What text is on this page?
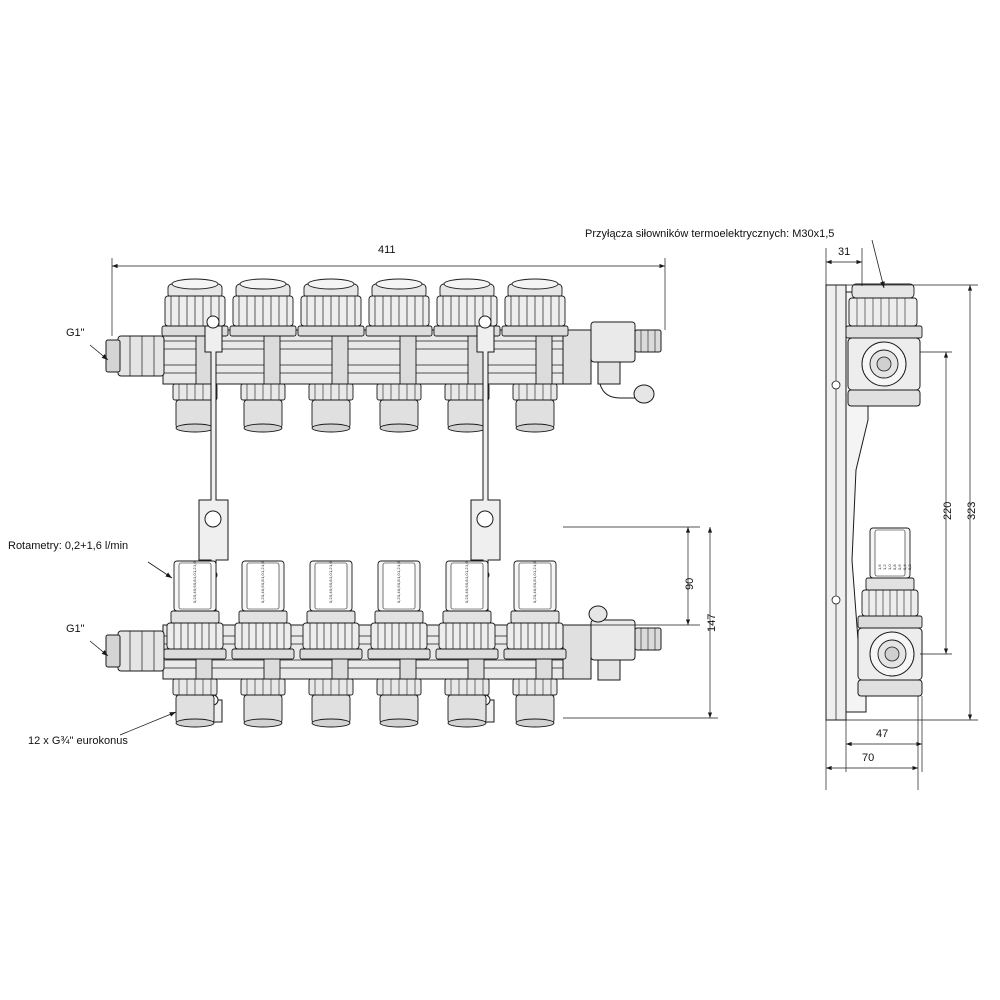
Przyłącza siłowników termoelektrycznych: M30x1,5
Rotametry: 0,2+1,6 l/min
G1"
G1"
12 x G¾" eurokonus
411
90
147
31
220 323
47
70
1,6
1,2
1,0
0,8
0,6
0,4
0,2
1,6
1,2
1,0
0,8
0,6
0,4
0,2
1,6
1,2
1,0
0,8
0,6
0,4
0,2
1,6
1,2
1,0
0,8
0,6
0,4
0,2
1,6
1,2
1,0
0,8
0,6
0,4
0,2
1,6
1,2
1,0
0,8
0,6
0,4
0,2
1,6 1,2 1,0 0,8 0,6 0,4 0,2
